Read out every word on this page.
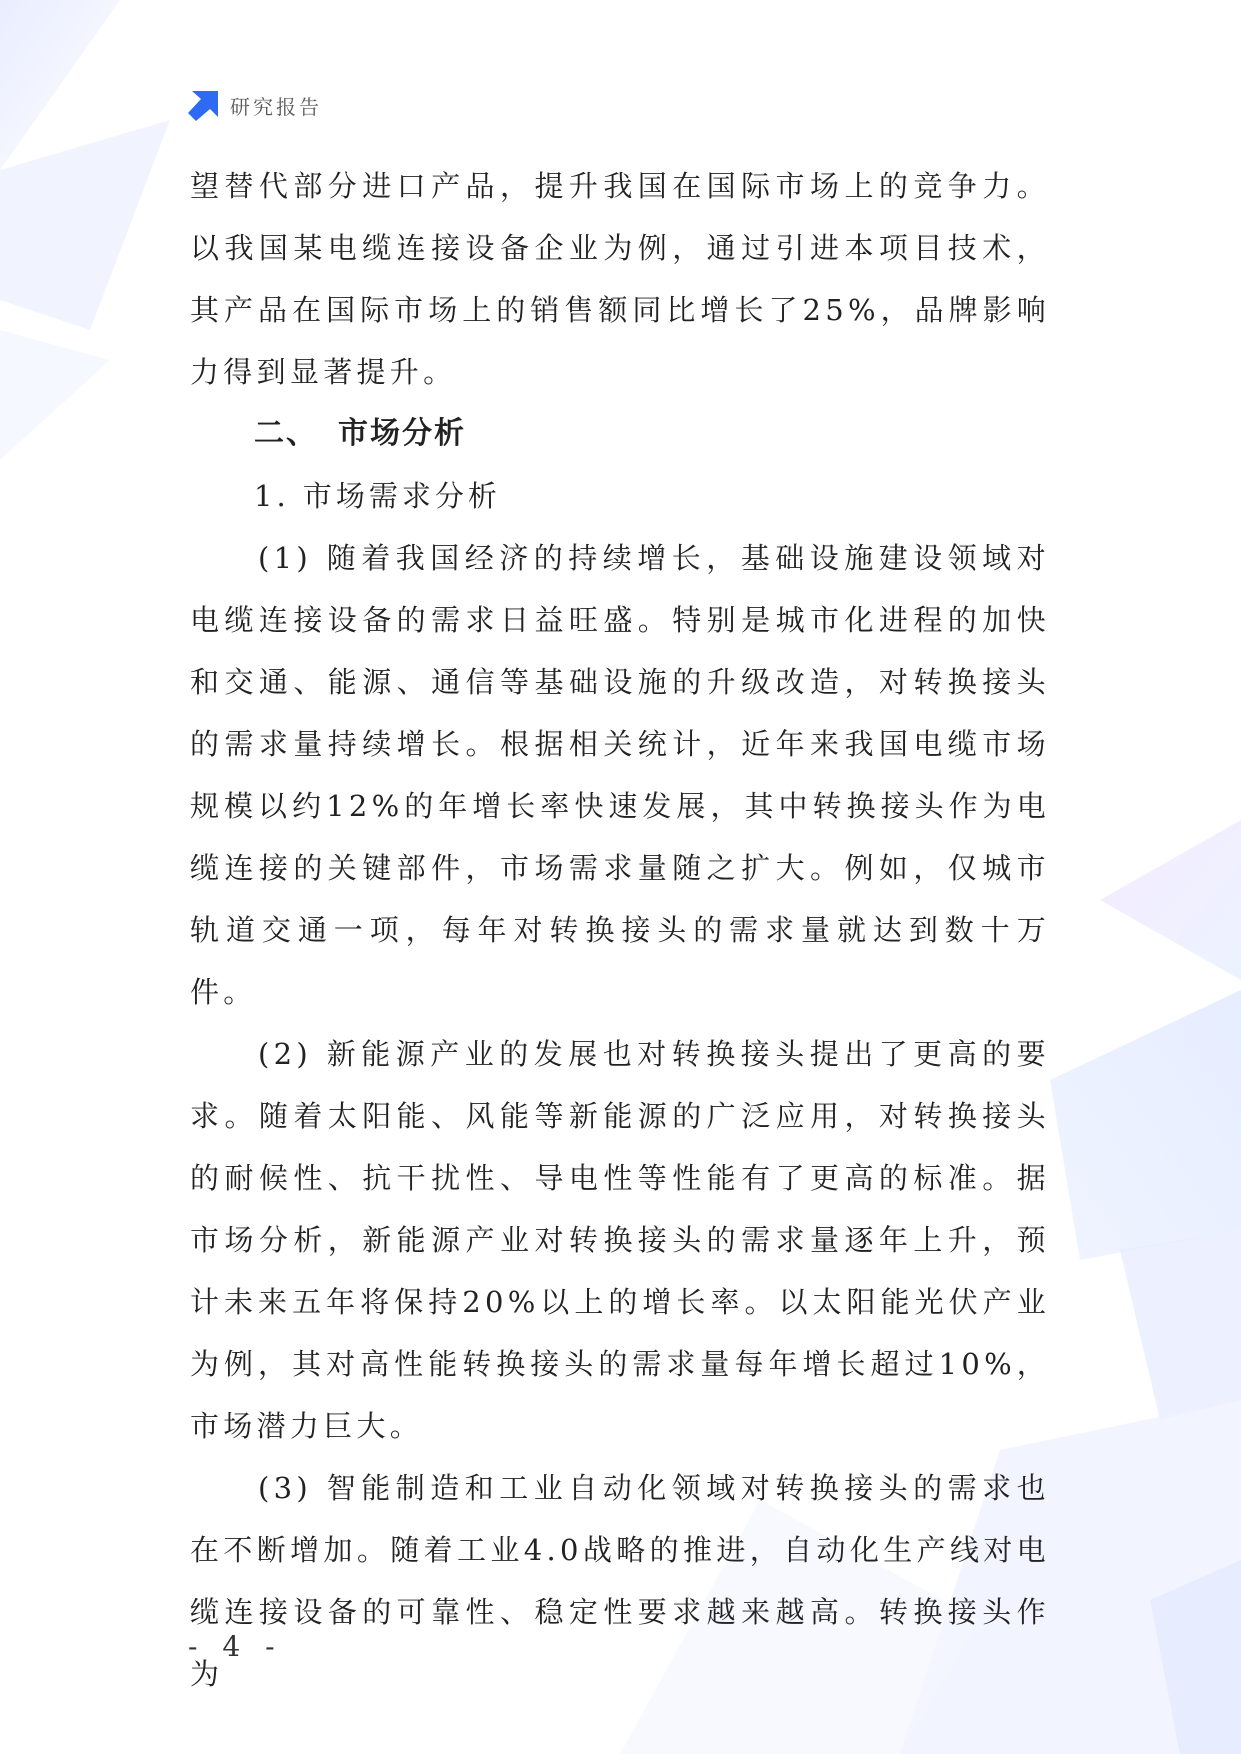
研究报告

望替代部分进口产品，提升我国在国际市场上的竞争力。以我国某电缆连接设备企业为例，通过引进本项目技术，其产品在国际市场上的销售额同比增长了25%，品牌影响力得到显著提升。

二、 市场分析

1. 市场需求分析

(1) 随着我国经济的持续增长，基础设施建设领域对电缆连接设备的需求日益旺盛。特别是城市化进程的加快和交通、能源、通信等基础设施的升级改造，对转换接头的需求量持续增长。根据相关统计，近年来我国电缆市场规模以约12%的年增长率快速发展，其中转换接头作为电缆连接的关键部件，市场需求量随之扩大。例如，仅城市轨道交通一项，每年对转换接头的需求量就达到数十万件。

(2) 新能源产业的发展也对转换接头提出了更高的要求。随着太阳能、风能等新能源的广泛应用，对转换接头的耐候性、抗干扰性、导电性等性能有了更高的标准。据市场分析，新能源产业对转换接头的需求量逐年上升，预计未来五年将保持20%以上的增长率。以太阳能光伏产业为例，其对高性能转换接头的需求量每年增长超过10%，市场潜力巨大。

(3) 智能制造和工业自动化领域对转换接头的需求也在不断增加。随着工业4.0战略的推进，自动化生产线对电缆连接设备的可靠性、稳定性要求越来越高。转换接头作为

- 4 -
